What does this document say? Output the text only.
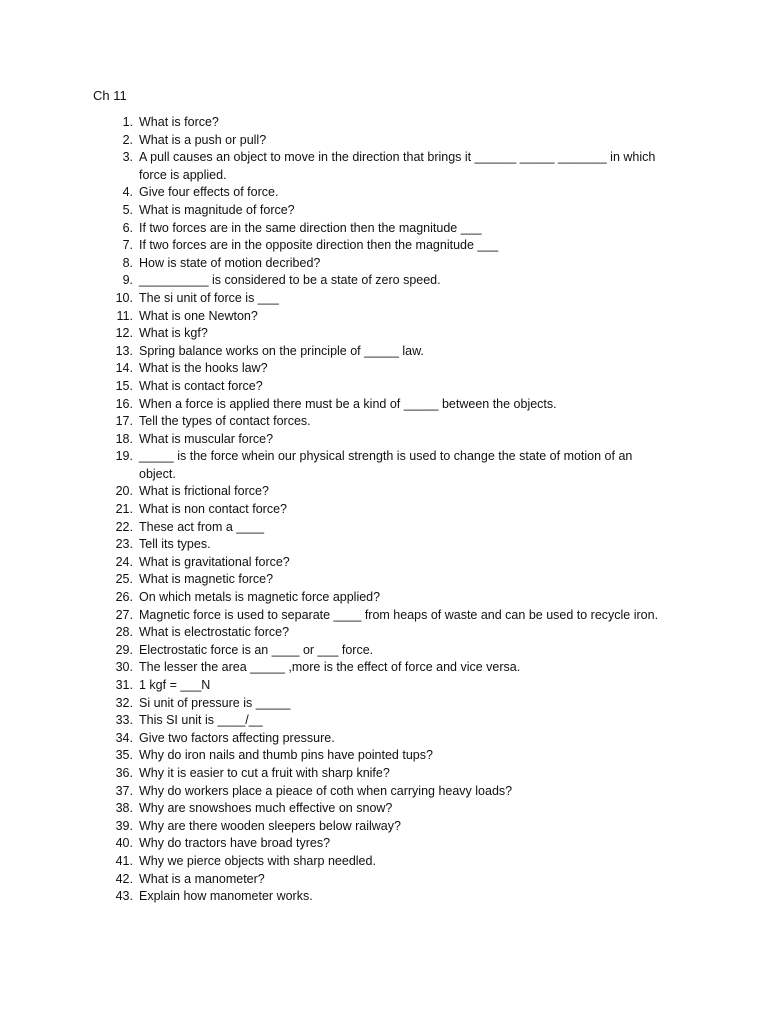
Ch 11
1. What is force?
2. What is a push or pull?
3. A pull causes an object to move in the direction that brings it ______ _____ _______ in which force is applied.
4. Give four effects of force.
5. What is magnitude of force?
6. If two forces are in the same direction then the magnitude ___
7. If two forces are in the opposite direction then the magnitude ___
8. How is state of motion decribed?
9. __________ is considered to be a state of zero speed.
10. The si unit of force is ___
11. What is one Newton?
12. What is kgf?
13. Spring balance works on the principle of _____ law.
14. What is the hooks law?
15. What is contact force?
16. When a force is applied there must be a kind of _____ between the objects.
17. Tell the types of contact forces.
18. What is muscular force?
19. _____ is the force whein our physical strength is used to change the state of motion of an object.
20. What is frictional force?
21. What is non contact force?
22. These act from a ____
23. Tell its types.
24. What is gravitational force?
25. What is magnetic force?
26. On which metals is magnetic force applied?
27. Magnetic force is used to separate ____ from heaps of waste and can be used to recycle iron.
28. What is electrostatic force?
29. Electrostatic force is an ____ or ___ force.
30. The lesser the area _____ ,more is the effect of force and vice versa.
31. 1 kgf = ___N
32. Si unit of pressure is _____
33. This SI unit is ____/__
34. Give two factors affecting pressure.
35. Why do iron nails and thumb pins have pointed tups?
36. Why it is easier to cut a fruit with sharp knife?
37. Why do workers place a pieace of coth when carrying heavy loads?
38. Why are snowshoes much effective on snow?
39. Why are there wooden sleepers below railway?
40. Why do tractors have broad tyres?
41. Why we pierce objects with sharp needled.
42. What is a manometer?
43. Explain how manometer works.
